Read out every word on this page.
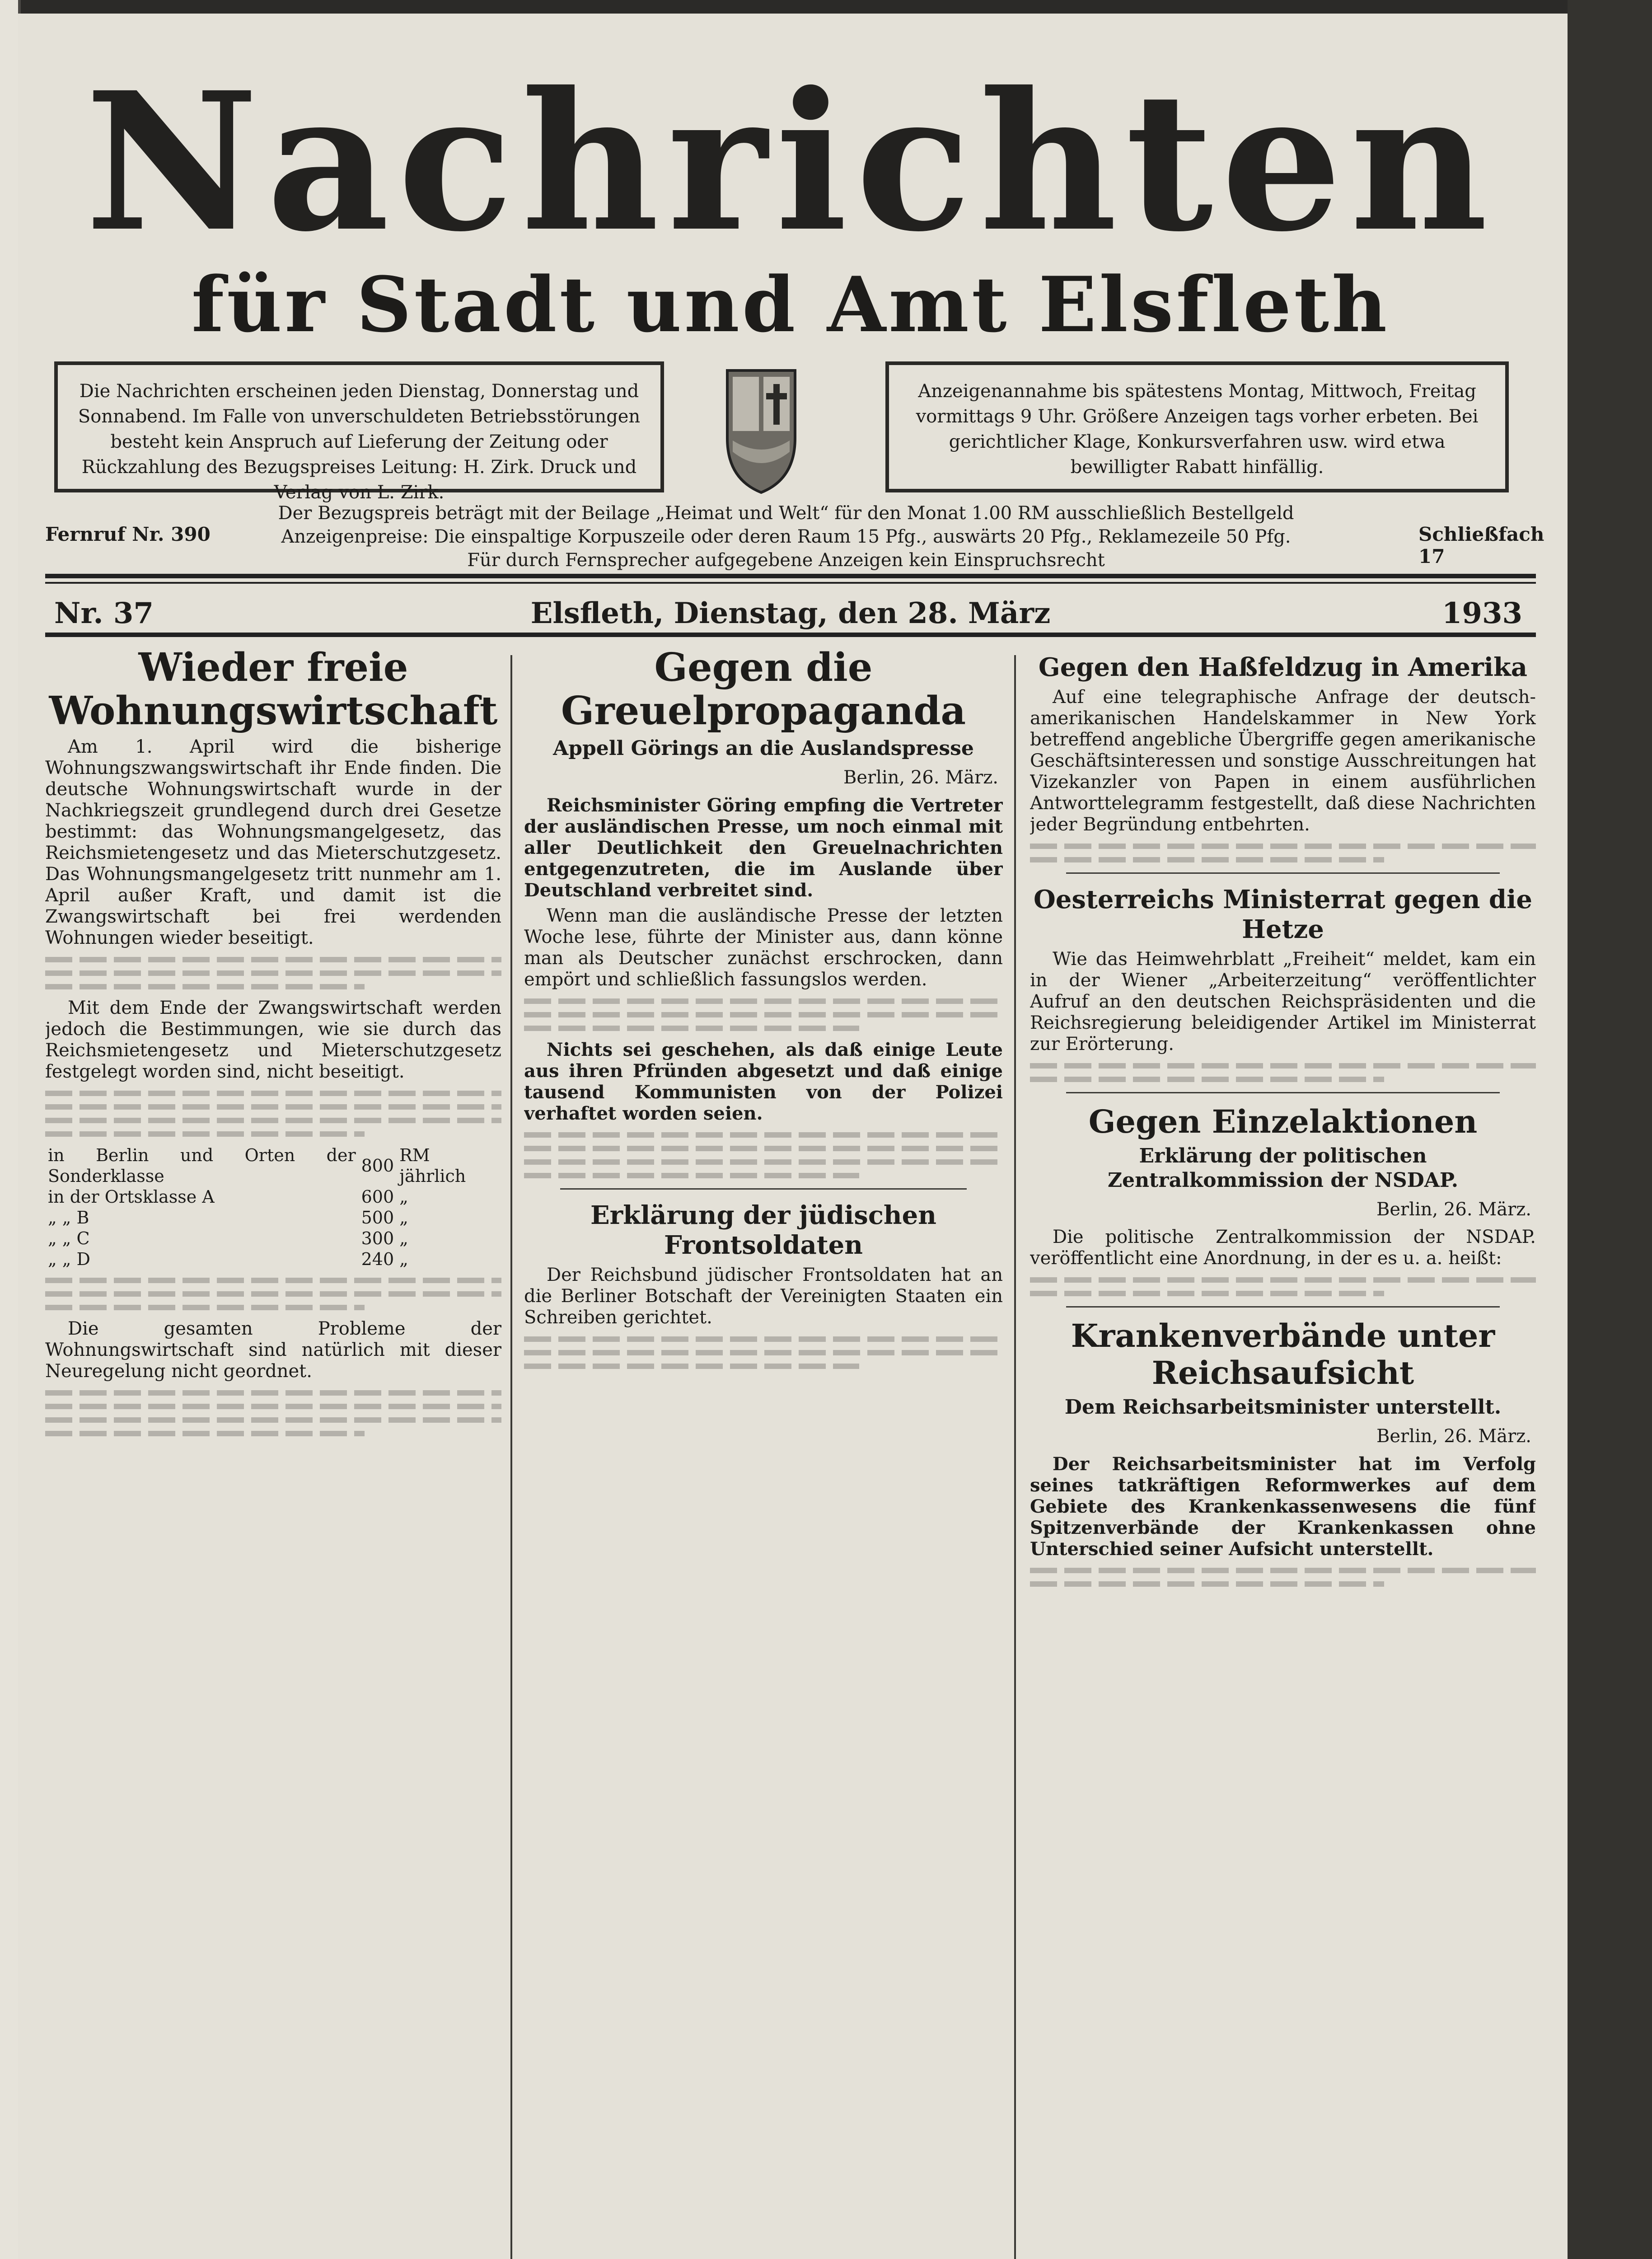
Nachrichten
für Stadt und Amt Elsfleth
Die Nachrichten erscheinen jeden Dienstag, Donnerstag und Sonnabend. Im Falle von unverschuldeten Betriebsstörungen besteht kein Anspruch auf Lieferung der Zeitung oder Rückzahlung des Bezugspreises Leitung: H. Zirk. Druck und Verlag von L. Zirk.
Anzeigenannahme bis spätestens Montag, Mittwoch, Freitag vormittags 9 Uhr. Größere Anzeigen tags vorher erbeten. Bei gerichtlicher Klage, Konkursverfahren usw. wird etwa bewilligter Rabatt hinfällig.
Der Bezugspreis beträgt mit der Beilage „Heimat und Welt“ für den Monat 1.00 RM ausschließlich Bestellgeld
Anzeigenpreise: Die einspaltige Korpuszeile oder deren Raum 15 Pfg., auswärts 20 Pfg., Reklamezeile 50 Pfg.
Für durch Fernsprecher aufgegebene Anzeigen kein Einspruchsrecht
Fernruf Nr. 390	Schließfach 17
Nr. 37	Elsfleth, Dienstag, den 28. März	1933
Wieder freie Wohnungswirtschaft

Am 1. April wird die bisherige Wohnungszwangswirtschaft ihr Ende finden. Die deutsche Wohnungswirtschaft wurde in der Nachkriegszeit grundlegend durch drei Gesetze bestimmt: das Wohnungsmangelgesetz, das Reichsmietengesetz und das Mieterschutzgesetz. Das Wohnungsmangelgesetz tritt nunmehr am 1. April außer Kraft, und damit ist die Zwangswirtschaft bei frei werdenden Wohnungen wieder beseitigt.

Mit dem Ende der Zwangswirtschaft werden jedoch die Bestimmungen, wie sie durch das Reichsmietengesetz und Mieterschutzgesetz festgelegt worden sind, nicht beseitigt.

in Berlin und Orten der Sonderklasse	800	RM jährlich
in der Ortsklasse A	600	„
„ „ B	500	„
„ „ C	300	„
„ „ D	240	„

Die gesamten Probleme der Wohnungswirtschaft sind natürlich mit dieser Neuregelung nicht geordnet.

Gegen die Greuelpropaganda
Appell Görings an die Auslandspresse
Berlin, 26. März.

Reichsminister Göring empfing die Vertreter der ausländischen Presse, um noch einmal mit aller Deutlichkeit den Greuelnachrichten entgegenzutreten, die im Auslande über Deutschland verbreitet sind.

Wenn man die ausländische Presse der letzten Woche lese, führte der Minister aus, dann könne man als Deutscher zunächst erschrocken, dann empört und schließlich fassungslos werden.

Nichts sei geschehen, als daß einige Leute aus ihren Pfründen abgesetzt und daß einige tausend Kommunisten von der Polizei verhaftet worden seien.

Erklärung der jüdischen Frontsoldaten

Der Reichsbund jüdischer Frontsoldaten hat an die Berliner Botschaft der Vereinigten Staaten ein Schreiben gerichtet.

Gegen den Haßfeldzug in Amerika

Auf eine telegraphische Anfrage der deutsch-amerikanischen Handelskammer in New York betreffend angebliche Übergriffe gegen amerikanische Geschäftsinteressen und sonstige Ausschreitungen hat Vizekanzler von Papen in einem ausführlichen Antworttelegramm festgestellt, daß diese Nachrichten jeder Begründung entbehrten.

Oesterreichs Ministerrat gegen die Hetze

Wie das Heimwehrblatt „Freiheit“ meldet, kam ein in der Wiener „Arbeiterzeitung“ veröffentlichter Aufruf an den deutschen Reichspräsidenten und die Reichsregierung beleidigender Artikel im Ministerrat zur Erörterung.

Gegen Einzelaktionen
Erklärung der politischen Zentralkommission der NSDAP.
Berlin, 26. März.

Die politische Zentralkommission der NSDAP. veröffentlicht eine Anordnung, in der es u. a. heißt:

Krankenverbände unter Reichsaufsicht
Dem Reichsarbeitsminister unterstellt.
Berlin, 26. März.

Der Reichsarbeitsminister hat im Verfolg seines tatkräftigen Reformwerkes auf dem Gebiete des Krankenkassenwesens die fünf Spitzenverbände der Krankenkassen ohne Unterschied seiner Aufsicht unterstellt.
